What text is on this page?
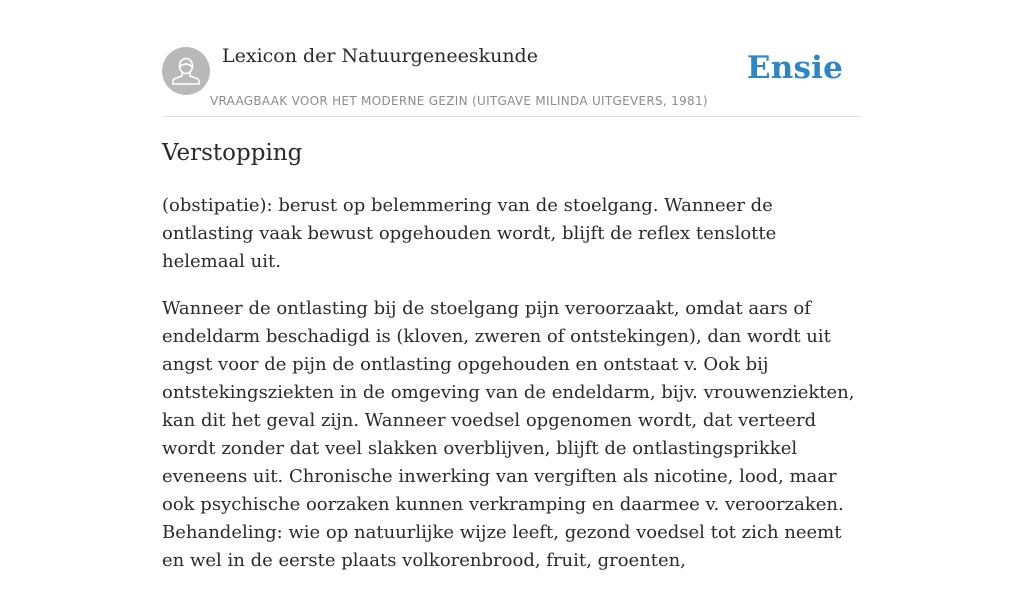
Lexicon der Natuurgeneeskunde
VRAAGBAAK VOOR HET MODERNE GEZIN (UITGAVE MILINDA UITGEVERS, 1981)
Ensie
Verstopping

(obstipatie): berust op belemmering van de stoelgang. Wanneer de ontlasting vaak bewust opgehouden wordt, blijft de reflex tenslotte helemaal uit.

Wanneer de ontlasting bij de stoelgang pijn veroorzaakt, omdat aars of endeldarm beschadigd is (kloven, zweren of ontstekingen), dan wordt uit angst voor de pijn de ontlasting opgehouden en ontstaat v. Ook bij ontstekingsziekten in de omgeving van de endeldarm, bijv. vrouwenziekten, kan dit het geval zijn. Wanneer voedsel opgenomen wordt, dat verteerd wordt zonder dat veel slakken overblijven, blijft de ontlastingsprikkel eveneens uit. Chronische inwerking van vergiften als nicotine, lood, maar ook psychische oorzaken kunnen verkramping en daarmee v. veroorzaken. Behandeling: wie op natuurlijke wijze leeft, gezond voedsel tot zich neemt en wel in de eerste plaats volkorenbrood, fruit, groenten,
